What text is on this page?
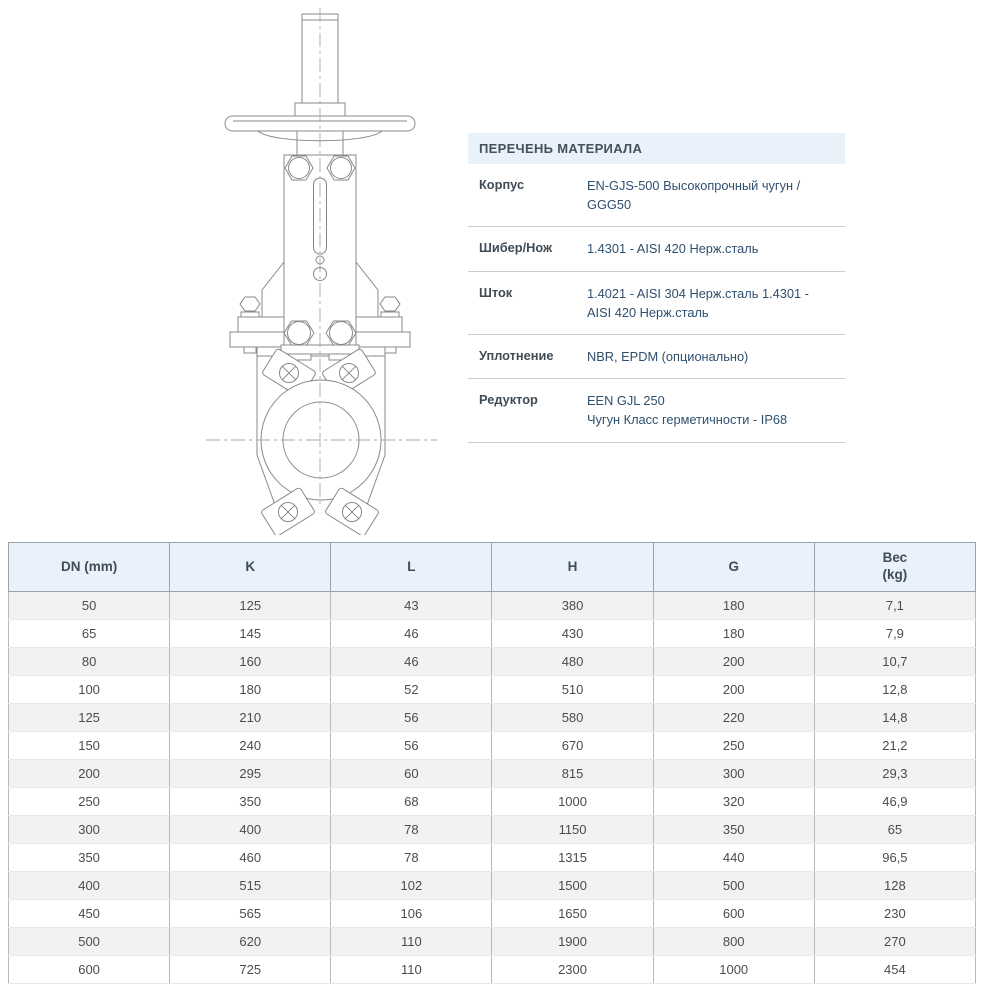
ПЕРЕЧЕНЬ МАТЕРИАЛА
Корпус	EN-GJS-500 Высокопрочный чугун / GGG50
Шибер/Нож	1.4301 - AISI 420 Нерж.сталь
Шток	1.4021 - AISI 304 Нерж.сталь 1.4301 - AISI 420 Нерж.сталь
Уплотнение	NBR, EPDM (опционально)
Редуктор	EEN GJL 250
Чугун Класс герметичности - IP68
DN (mm)	K	L	H	G	Вес
(kg)

50	125	43	380	180	7,1
65	145	46	430	180	7,9
80	160	46	480	200	10,7
100	180	52	510	200	12,8
125	210	56	580	220	14,8
150	240	56	670	250	21,2
200	295	60	815	300	29,3
250	350	68	1000	320	46,9
300	400	78	1150	350	65
350	460	78	1315	440	96,5
400	515	102	1500	500	128
450	565	106	1650	600	230
500	620	110	1900	800	270
600	725	110	2300	1000	454
